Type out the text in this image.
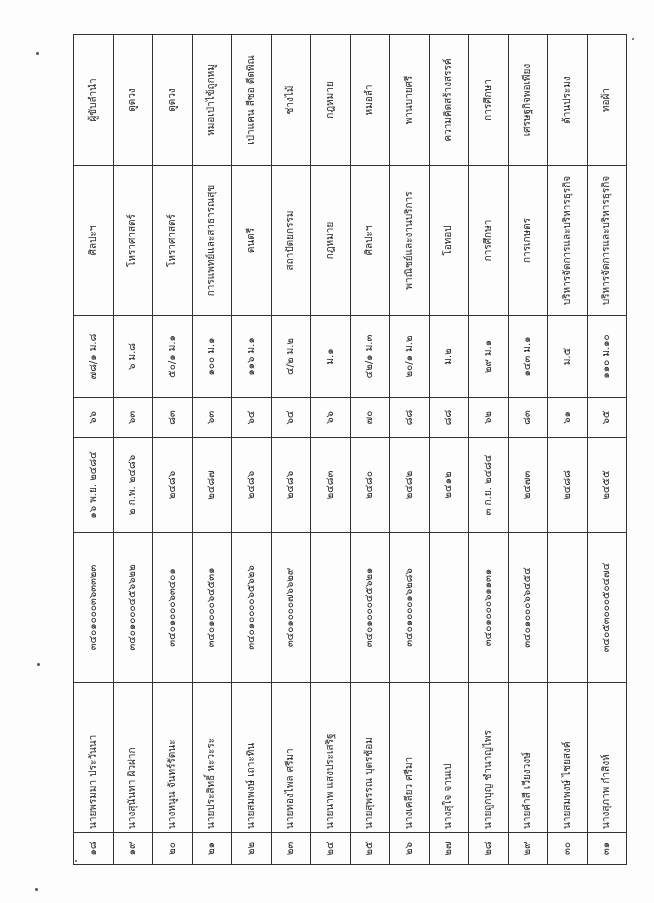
๑๘	นายพรมมา ประวันนา	๓๔๐๑๐๐๐๓๖๓๓๒๓	๑๖ พ.ย. ๒๔๘๔	๖๖	๗๘/๑ ม.๘	ศิลปะฯ	ผู้ขับลำนำ
๑๙	นางสุนันทา ผิวฝาก	๓๔๐๑๐๐๐๔๕๖๖๒๒	๒ ก.พ. ๒๔๘๖	๖๓	๖ ม.๘	โหราศาสตร์	ดูดวง
๒๐	นางหนูน จันทร์รัตนะ	๓๔๐๑๐๐๐๖๓๔๐๑	๒๔๘๖	๘๓	๕๐/๑ ม.๑	โหราศาสตร์	ดูดวง
๒๑	นายประสิทธิ์ หะวะระ	๓๔๐๑๐๐๐๖๔๕๓๑	๒๔๘๗	๖๓	๑๐๐ ม.๑	การแพทย์และสาธารณสุข	หมอเป่าไข้ถูกหมู
๒๒	นายสมพงษ์ เถาะทิน	๓๔๐๑๐๐๐๐๖๕๖๒๖	๒๔๘๖	๖๔	๑๑๖ ม.๑	ดนตรี	เป่าแคน สีซอ ดีดพิณ
๒๓	นายทองไพล ศรีมา	๓๔๐๑๐๐๐๗๖๖๒๙	๒๔๘๖	๖๔	๔/๒ ม.๒	สถาปัตยกรรม	ช่างไม้
๒๔	นายนาพ แสงประเสริฐ		๒๔๘๓	๖๖	ม.๑	กฎหมาย	กฎหมาย
๒๕	นายสุพรรณ บุตรช้อม	๓๔๐๑๐๐๐๔๕๖๒๑	๒๔๘๐	๗๐	๔๒/๑ ม.๓	ศิลปะฯ	หมอลำ
๒๖	นางเคลียว ศรีมา	๓๔๐๑๐๐๐๑๖๒๘๖	๒๔๘๒	๘๘	๒๐/๑ ม.๒	พาณิชย์และงานบริการ	พานบายศรี
๒๗	นางสุใจ จานเป		๒๔๑๒	๘๘	ม.๒	โอทอป	ความคิดสร้างสรรค์
๒๘	นายถูกบุญ ชำนาญไพร	๓๔๐๑๐๐๐๖๑๑๓๑	๓ ก.ย. ๒๔๘๔	๖๒	๒๙ ม.๑	การศึกษา	การศึกษา
๒๙	นายคำสี เวียงวงษ์	๓๔๐๑๐๐๐๖๖๔๕๔	๒๔๗๓	๘๓	๑๔๓ ม.๑	การเกษตร	เศรษฐกิจพอเพียง
๓๐	นายสมพงษ์ ไชยสงค์		๒๔๘๘	๖๑	ม.๕	บริหารจัดการและบริหารธุรกิจ	ด้านประมง
๓๑	นางสุภาพ กำสิงห์	๓๔๐๕๓๐๐๐๕๐๔๗๔	๒๔๕๕	๖๕	๑๑๐ ม.๑๐	บริหารจัดการและบริหารธุรกิจ	ทอผ้า
